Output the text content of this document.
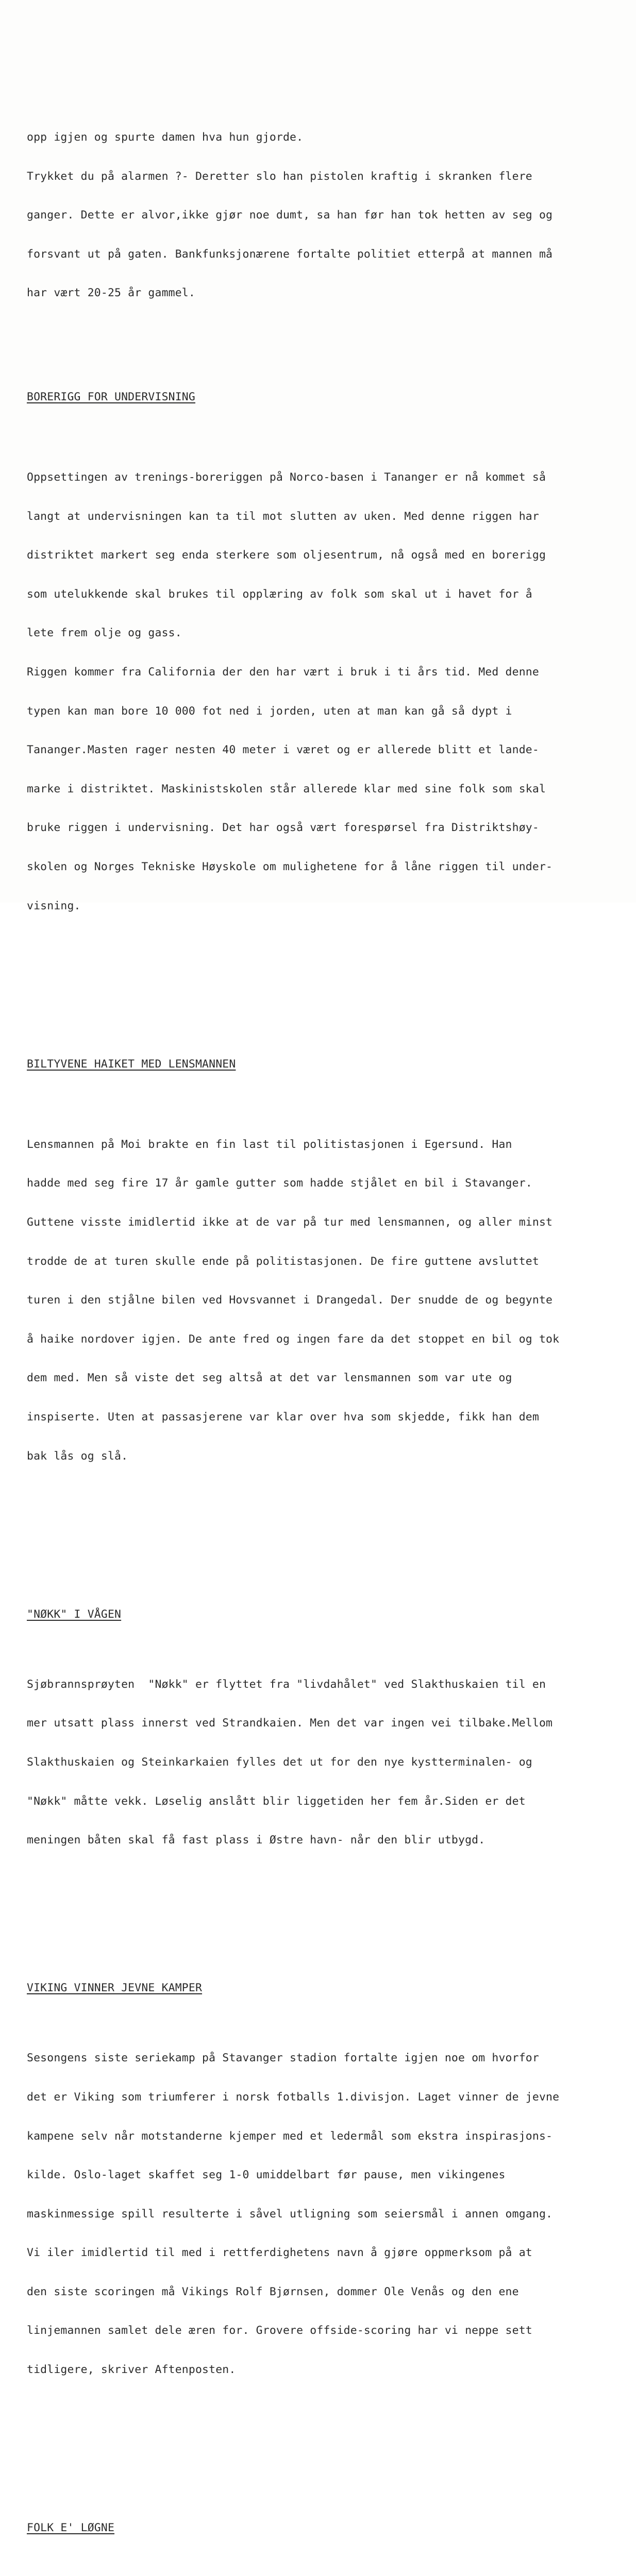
opp igjen og spurte damen hva hun gjorde.

Trykket du på alarmen ?- Deretter slo han pistolen kraftig i skranken flere

ganger. Dette er alvor,ikke gjør noe dumt, sa han før han tok hetten av seg og

forsvant ut på gaten. Bankfunksjonærene fortalte politiet etterpå at mannen må

har vært 20-25 år gammel.

BORERIGG FOR UNDERVISNING

Oppsettingen av trenings-boreriggen på Norco-basen i Tananger er nå kommet så

langt at undervisningen kan ta til mot slutten av uken. Med denne riggen har

distriktet markert seg enda sterkere som oljesentrum, nå også med en borerigg

som utelukkende skal brukes til opplæring av folk som skal ut i havet for å

lete frem olje og gass.

Riggen kommer fra California der den har vært i bruk i ti års tid. Med denne

typen kan man bore 10 000 fot ned i jorden, uten at man kan gå så dypt i

Tananger.Masten rager nesten 40 meter i været og er allerede blitt et lande-

marke i distriktet. Maskinistskolen står allerede klar med sine folk som skal

bruke riggen i undervisning. Det har også vært forespørsel fra Distriktshøy-

skolen og Norges Tekniske Høyskole om mulighetene for å låne riggen til under-

visning.

BILTYVENE HAIKET MED LENSMANNEN

Lensmannen på Moi brakte en fin last til politistasjonen i Egersund. Han

hadde med seg fire 17 år gamle gutter som hadde stjålet en bil i Stavanger.

Guttene visste imidlertid ikke at de var på tur med lensmannen, og aller minst

trodde de at turen skulle ende på politistasjonen. De fire guttene avsluttet

turen i den stjålne bilen ved Hovsvannet i Drangedal. Der snudde de og begynte

å haike nordover igjen. De ante fred og ingen fare da det stoppet en bil og tok

dem med. Men så viste det seg altså at det var lensmannen som var ute og

inspiserte. Uten at passasjerene var klar over hva som skjedde, fikk han dem

bak lås og slå.

"NØKK" I VÅGEN

Sjøbrannsprøyten  "Nøkk" er flyttet fra "livdahålet" ved Slakthuskaien til en

mer utsatt plass innerst ved Strandkaien. Men det var ingen vei tilbake.Mellom

Slakthuskaien og Steinkarkaien fylles det ut for den nye kystterminalen- og

"Nøkk" måtte vekk. Løselig anslått blir liggetiden her fem år.Siden er det

meningen båten skal få fast plass i Østre havn- når den blir utbygd.

VIKING VINNER JEVNE KAMPER

Sesongens siste seriekamp på Stavanger stadion fortalte igjen noe om hvorfor

det er Viking som triumferer i norsk fotballs 1.divisjon. Laget vinner de jevne

kampene selv når motstanderne kjemper med et ledermål som ekstra inspirasjons-

kilde. Oslo-laget skaffet seg 1-0 umiddelbart før pause, men vikingenes

maskinmessige spill resulterte i såvel utligning som seiersmål i annen omgang.

Vi iler imidlertid til med i rettferdighetens navn å gjøre oppmerksom på at

den siste scoringen må Vikings Rolf Bjørnsen, dommer Ole Venås og den ene

linjemannen samlet dele æren for. Grovere offside-scoring har vi neppe sett

tidligere, skriver Aftenposten.

FOLK E' LØGNE
